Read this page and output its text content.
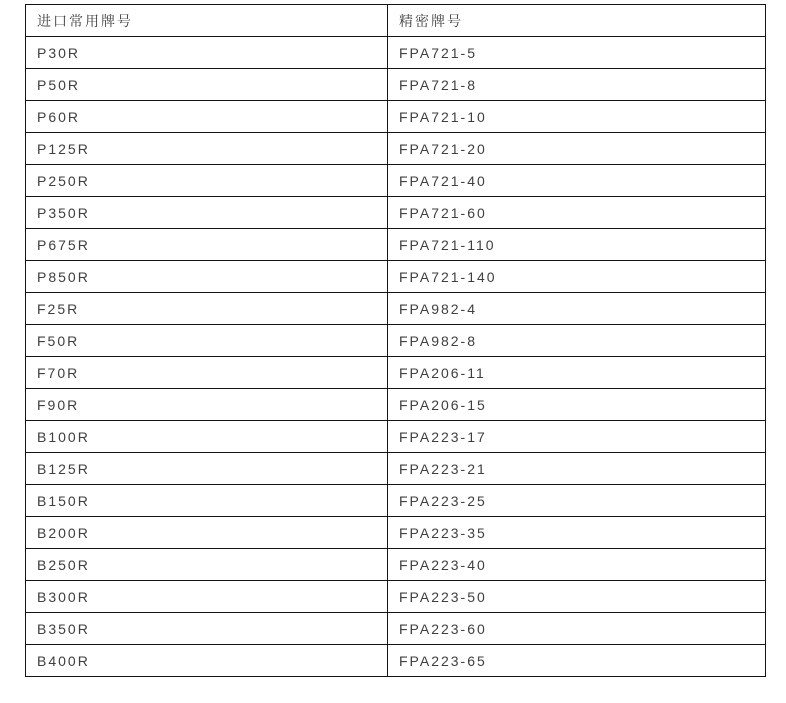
进口常用牌号	精密牌号
P30R	FPA721-5
P50R	FPA721-8
P60R	FPA721-10
P125R	FPA721-20
P250R	FPA721-40
P350R	FPA721-60
P675R	FPA721-110
P850R	FPA721-140
F25R	FPA982-4
F50R	FPA982-8
F70R	FPA206-11
F90R	FPA206-15
B100R	FPA223-17
B125R	FPA223-21
B150R	FPA223-25
B200R	FPA223-35
B250R	FPA223-40
B300R	FPA223-50
B350R	FPA223-60
B400R	FPA223-65
